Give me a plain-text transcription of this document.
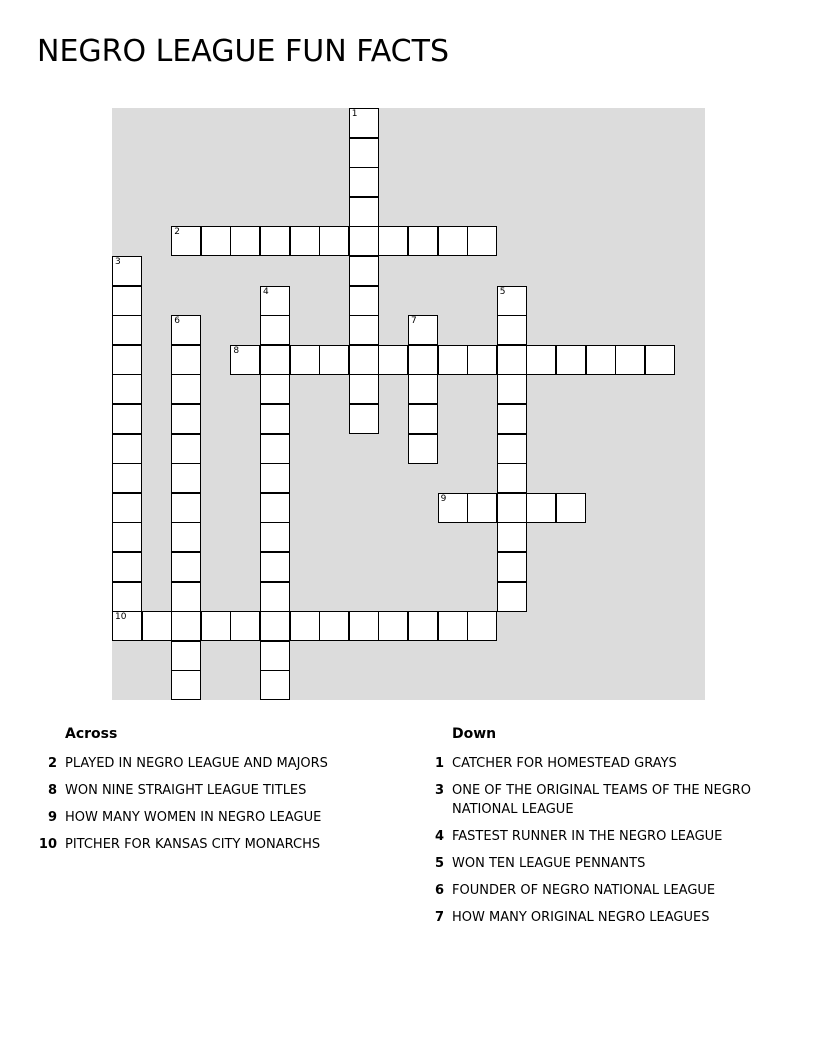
NEGRO LEAGUE FUN FACTS
1
2
3
4	5
6	7
8
9
10
Across
2 PLAYED IN NEGRO LEAGUE AND MAJORS
8 WON NINE STRAIGHT LEAGUE TITLES
9 HOW MANY WOMEN IN NEGRO LEAGUE
10 PITCHER FOR KANSAS CITY MONARCHS
Down
1 CATCHER FOR HOMESTEAD GRAYS
3 ONE OF THE ORIGINAL TEAMS OF THE NEGRO NATIONAL LEAGUE
4 FASTEST RUNNER IN THE NEGRO LEAGUE
5 WON TEN LEAGUE PENNANTS
6 FOUNDER OF NEGRO NATIONAL LEAGUE
7 HOW MANY ORIGINAL NEGRO LEAGUES
